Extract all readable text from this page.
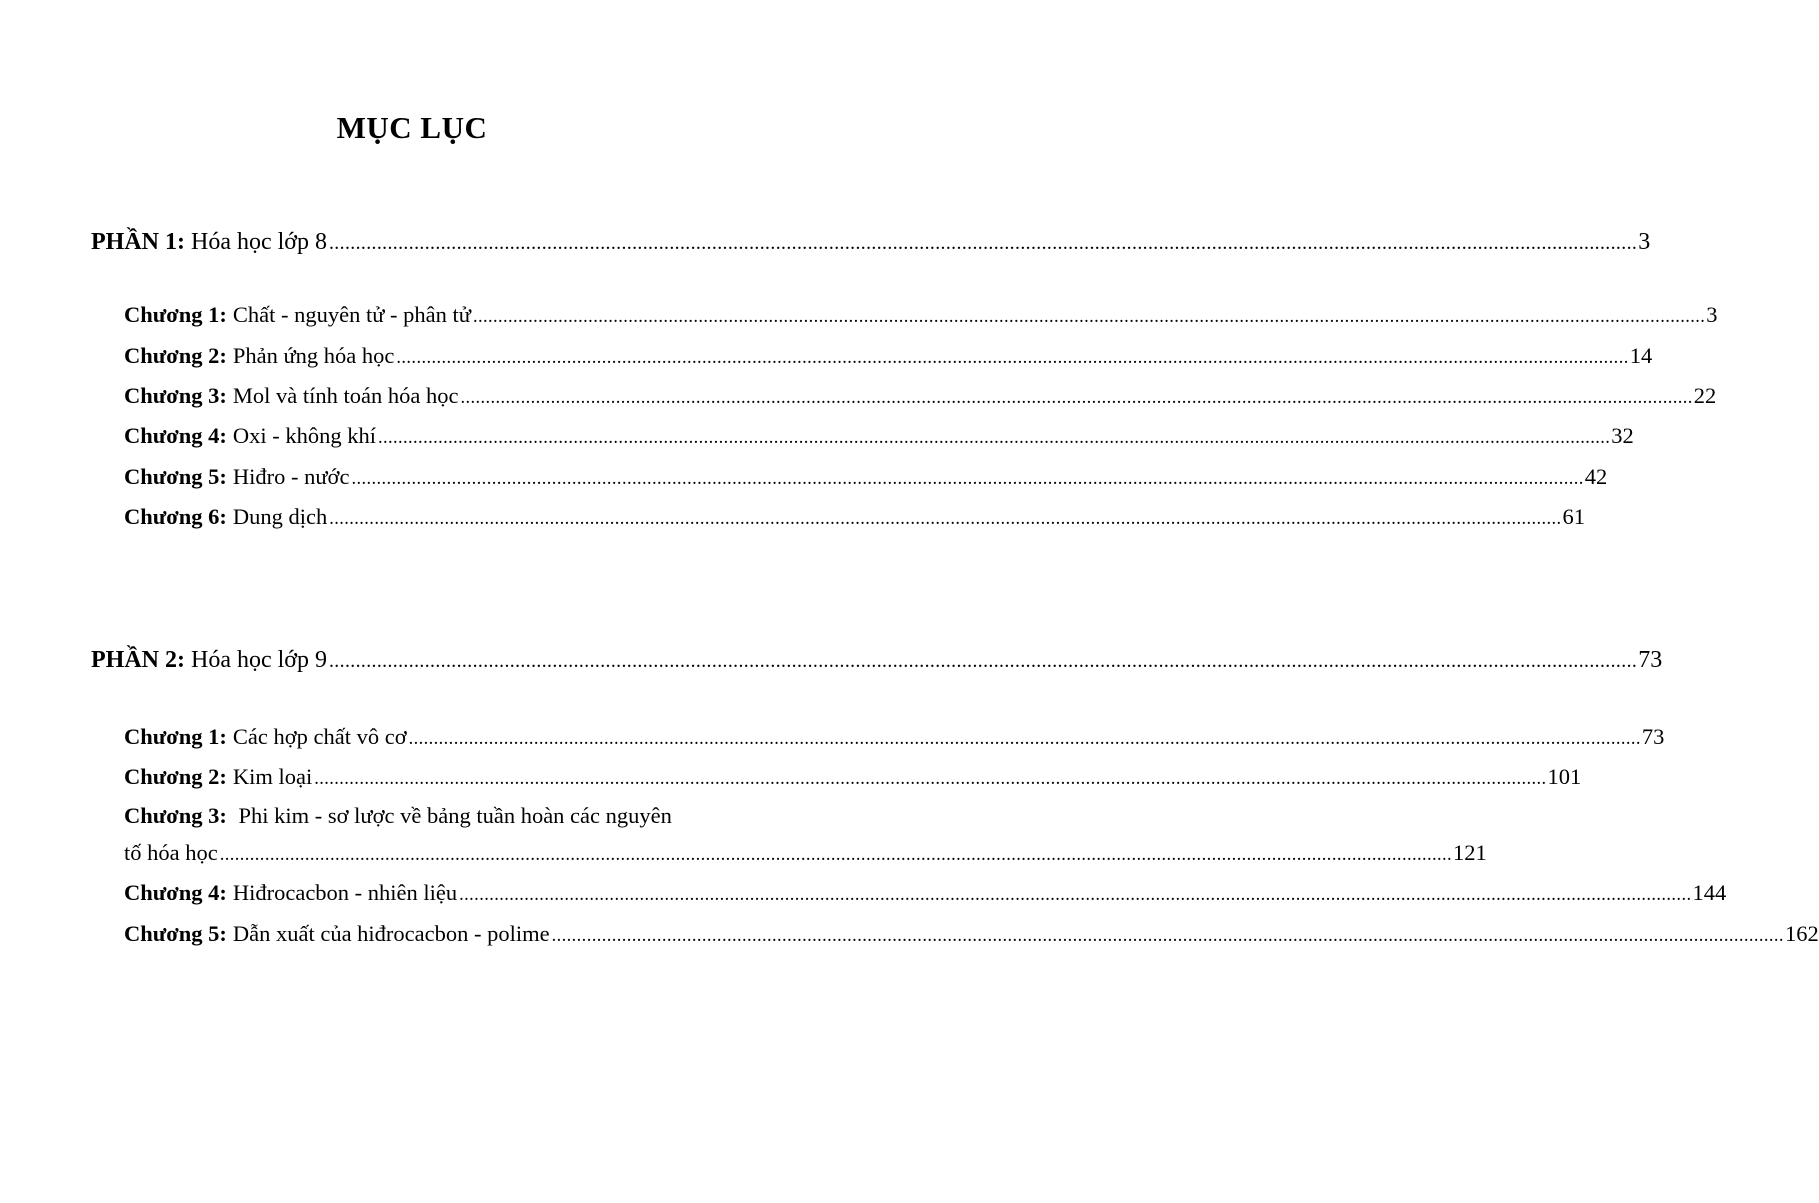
MỤC LỤC
PHẦN 1: Hóa học lớp 8 ...................................................................................................................................................................................................................................................... 3
Chương 1: Chất - nguyên tử - phân tử ...................................................................................................................................................................................................................................................... 3
Chương 2: Phản ứng hóa học ...................................................................................................................................................................................................................................................... 14
Chương 3: Mol và tính toán hóa học ...................................................................................................................................................................................................................................................... 22
Chương 4: Oxi - không khí ...................................................................................................................................................................................................................................................... 32
Chương 5: Hiđro - nước ...................................................................................................................................................................................................................................................... 42
Chương 6: Dung dịch ...................................................................................................................................................................................................................................................... 61
PHẦN 2: Hóa học lớp 9 ...................................................................................................................................................................................................................................................... 73
Chương 1: Các hợp chất vô cơ ...................................................................................................................................................................................................................................................... 73
Chương 2: Kim loại ...................................................................................................................................................................................................................................................... 101
Chương 3: Phi kim - sơ lược về bảng tuần hoàn các nguyên
tố hóa học ...................................................................................................................................................................................................................................................... 121
Chương 4: Hiđrocacbon - nhiên liệu ...................................................................................................................................................................................................................................................... 144
Chương 5: Dẫn xuất của hiđrocacbon - polime ...................................................................................................................................................................................................................................................... 162
